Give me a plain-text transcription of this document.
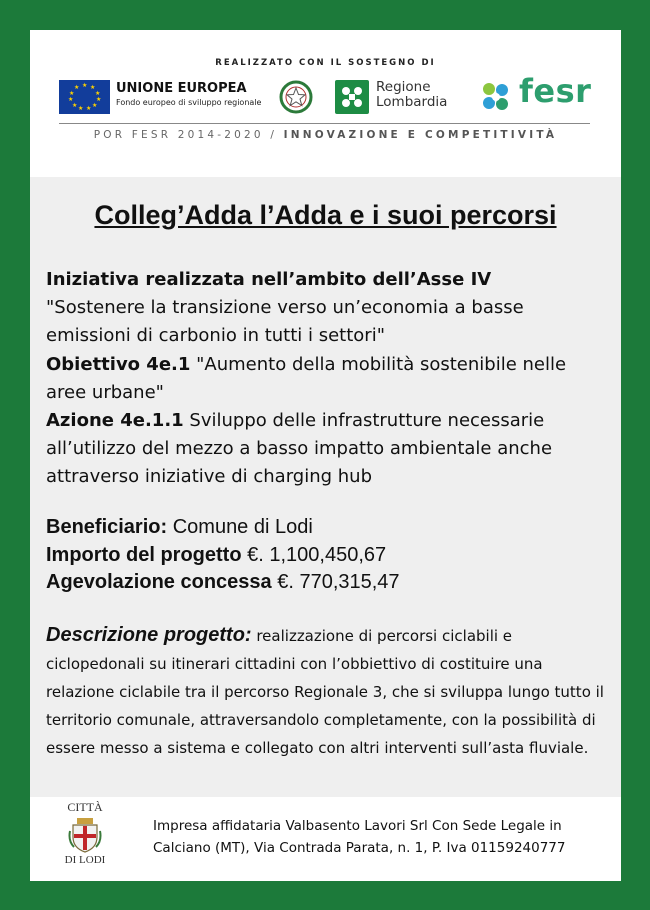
REALIZZATO CON IL SOSTEGNO DI
★ ★
★
★
★
★
★
★
★
★
★	UNIONE EUROPEA
Fondo europeo di sviluppo regionale
Regione
Lombardia fesr
POR FESR 2014-2020 / INNOVAZIONE E COMPETITIVITÀ
Colleg’Adda l’Adda e i suoi percorsi
Iniziativa realizzata nell’ambito dell’Asse IV
"Sostenere la transizione verso un’economia a basse emissioni di carbonio in tutti i settori"
Obiettivo 4e.1 "Aumento della mobilità sostenibile nelle aree urbane"
Azione 4e.1.1 Sviluppo delle infrastrutture necessarie all’utilizzo del mezzo a basso impatto ambientale anche attraverso iniziative di charging hub
Beneficiario: Comune di Lodi
Importo del progetto €. 1,100,450,67
Agevolazione concessa €. 770,315,47
Descrizione progetto: realizzazione di percorsi ciclabili e ciclopedonali su itinerari cittadini con l’obbiettivo di costituire una relazione ciclabile tra il percorso Regionale 3, che si sviluppa lungo tutto il territorio comunale, attraversandolo completamente, con la possibilità di essere messo a sistema e collegato con altri interventi sull’asta fluviale.
CITTÀ
DI LODI
Impresa affidataria Valbasento Lavori Srl Con Sede Legale in Calciano (MT), Via Contrada Parata, n. 1, P. Iva 01159240777
